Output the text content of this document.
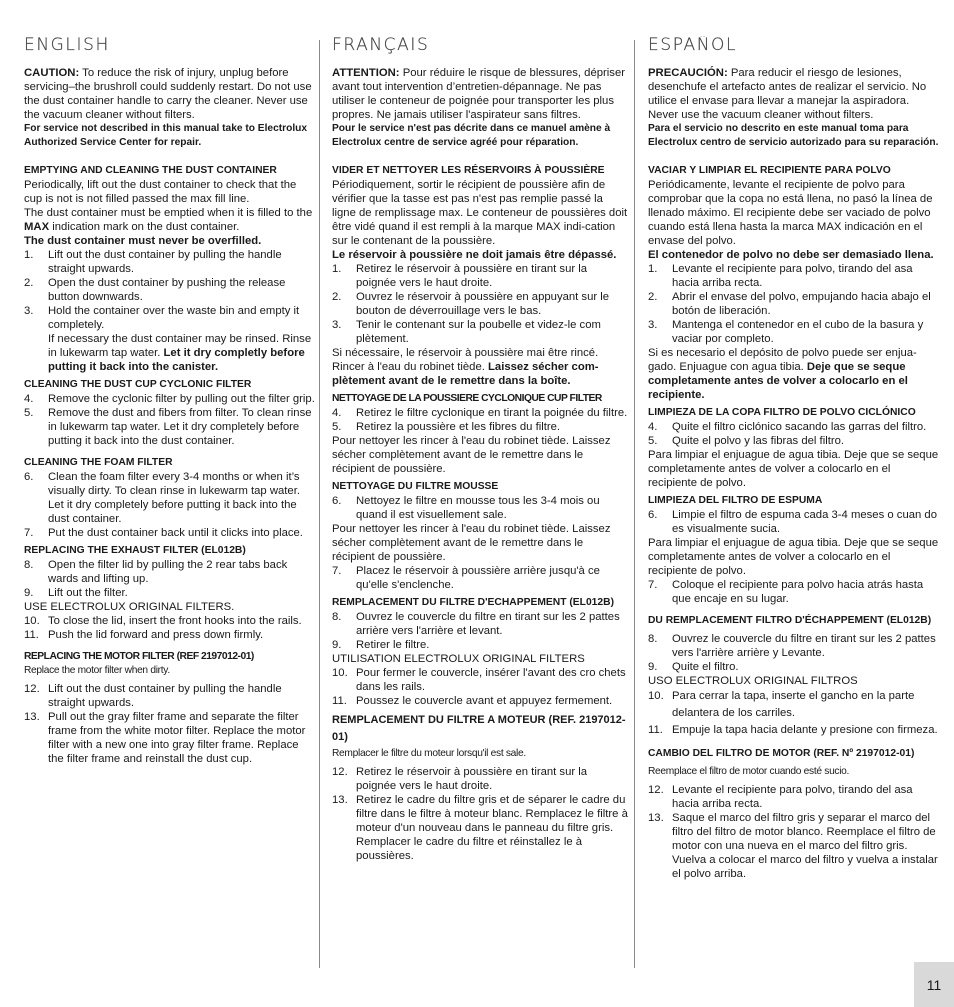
ENGLISH

CAUTION: To reduce the risk of injury, unplug before servicing–the brushroll could suddenly restart. Do not use the dust container handle to carry the cleaner. Never use the vacuum cleaner without filters.

For service not described in this manual take to Electrolux Authorized Service Center for repair.

EMPTYING AND CLEANING THE DUST CONTAINER

Periodically, lift out the dust container to check that the cup is not is not filled passed the max fill line.

The dust container must be emptied when it is filled to the MAX indication mark on the dust container.

The dust container must never be overfilled.

1. Lift out the dust container by pulling the handle straight upwards.
2. Open the dust container by pushing the release button downwards.
3. Hold the container over the waste bin and empty it completely.
If necessary the dust container may be rinsed. Rinse in lukewarm tap water. Let it dry completly before putting it back into the canister.
CLEANING THE DUST CUP CYCLONIC FILTER
4. Remove the cyclonic filter by pulling out the filter grip.
5. Remove the dust and fibers from filter. To clean rinse in lukewarm tap water. Let it dry completely before putting it back into the dust container.
CLEANING THE FOAM FILTER
6. Clean the foam filter every 3-4 months or when it’s visually dirty. To clean rinse in lukewarm tap water. Let it dry completely before putting it back into the dust container.
7. Put the dust container back until it clicks into place.
REPLACING THE EXHAUST FILTER (EL012B)
8. Open the filter lid by pulling the 2 rear tabs back wards and lifting up.
9. Lift out the filter.

USE ELECTROLUX ORIGINAL FILTERS.

10. To close the lid, insert the front hooks into the rails.
11. Push the lid forward and press down firmly.
REPLACING THE MOTOR FILTER (REF 2197012-01)

Replace the motor filter when dirty.

12. Lift out the dust container by pulling the handle straight upwards.
13. Pull out the gray filter frame and separate the filter frame from the white motor filter. Replace the motor filter with a new one into gray filter frame. Replace the filter frame and reinstall the dust cup.
FRANÇAIS

ATTENTION: Pour réduire le risque de blessures, dépriser avant tout intervention d’entretien-dépannage. Ne pas utiliser le conteneur de poignée pour transporter les plus propres. Ne jamais utiliser l'aspirateur sans filtres.

Pour le service n'est pas décrite dans ce manuel amène à Electrolux centre de service agréé pour réparation.

VIDER ET NETTOYER LES RÉSERVOIRS À POUSSIÈRE

Périodiquement, sortir le récipient de poussière afin de vérifier que la tasse est pas n'est pas remplie passé la ligne de remplissage max. Le conteneur de poussières doit être vidé quand il est rempli à la marque MAX indi-cation sur le contenant de la poussière.

Le réservoir à poussière ne doit jamais être dépassé.

1. Retirez le réservoir à poussière en tirant sur la poignée vers le haut droite.
2. Ouvrez le réservoir à poussière en appuyant sur le bouton de déverrouillage vers le bas.
3. Tenir le contenant sur la poubelle et videz-le com plètement.

Si nécessaire, le réservoir à poussière mai être rincé. Rincer à l'eau du robinet tiède. Laissez sécher com-plètement avant de le remettre dans la boîte.

NETTOYAGE DE LA POUSSIERE CYCLONIQUE CUP FILTER
4. Retirez le filtre cyclonique en tirant la poignée du filtre.
5. Retirez la poussière et les fibres du filtre.

Pour nettoyer les rincer à l'eau du robinet tiède. Laissez sécher complètement avant de le remettre dans le récipient de poussière.

NETTOYAGE DU FILTRE MOUSSE
6. Nettoyez le filtre en mousse tous les 3-4 mois ou quand il est visuellement sale.

Pour nettoyer les rincer à l'eau du robinet tiède. Laissez sécher complètement avant de le remettre dans le récipient de poussière.

7. Placez le réservoir à poussière arrière jusqu'à ce qu'elle s'enclenche.
REMPLACEMENT DU FILTRE D'ECHAPPEMENT (EL012B)
8. Ouvrez le couvercle du filtre en tirant sur les 2 pattes arrière vers l'arrière et levant.
9. Retirer le filtre.

UTILISATION ELECTROLUX ORIGINAL FILTERS

10. Pour fermer le couvercle, insérer l'avant des cro chets dans les rails.
11. Poussez le couvercle avant et appuyez fermement.
REMPLACEMENT DU FILTRE A MOTEUR (REF. 2197012-01)

Remplacer le filtre du moteur lorsqu'il est sale.

12. Retirez le réservoir à poussière en tirant sur la poignée vers le haut droite.
13. Retirez le cadre du filtre gris et de séparer le cadre du filtre dans le filtre à moteur blanc. Remplacez le filtre à moteur d'un nouveau dans le panneau du filtre gris. Remplacer le cadre du filtre et réinstallez le à poussières.
ESPAÑOL

PRECAUCIÓN: Para reducir el riesgo de lesiones, desenchufe el artefacto antes de realizar el servicio. No utilice el envase para llevar a manejar la aspiradora. Never use the vacuum cleaner without filters.

Para el servicio no descrito en este manual toma para Electrolux centro de servicio autorizado para su reparación.

VACIAR Y LIMPIAR EL RECIPIENTE PARA POLVO

Periódicamente, levante el recipiente de polvo para comprobar que la copa no está llena, no pasó la línea de llenado máximo. El recipiente debe ser vaciado de polvo cuando está llena hasta la marca MAX indicación en el envase del polvo.

El contenedor de polvo no debe ser demasiado llena.

1. Levante el recipiente para polvo, tirando del asa hacia arriba recta.
2. Abrir el envase del polvo, empujando hacia abajo el botón de liberación.
3. Mantenga el contenedor en el cubo de la basura y vaciar por completo.

Si es necesario el depósito de polvo puede ser enjua-gado. Enjuague con agua tibia. Deje que se seque completamente antes de volver a colocarlo en el recipiente.

LIMPIEZA DE LA COPA FILTRO DE POLVO CICLÓNICO
4. Quite el filtro ciclónico sacando las garras del filtro.
5. Quite el polvo y las fibras del filtro.

Para limpiar el enjuague de agua tibia. Deje que se seque completamente antes de volver a colocarlo en el recipiente de polvo.

LIMPIEZA DEL FILTRO DE ESPUMA
6. Limpie el filtro de espuma cada 3-4 meses o cuan do es visualmente sucia.

Para limpiar el enjuague de agua tibia. Deje que se seque completamente antes de volver a colocarlo en el recipiente de polvo.

7. Coloque el recipiente para polvo hacia atrás hasta que encaje en su lugar.
DU REMPLACEMENT FILTRO D'ÉCHAPPEMENT (EL012B)
8. Ouvrez le couvercle du filtre en tirant sur les 2 pattes vers l'arrière arrière y Levante.
9. Quite el filtro.

USO ELECTROLUX ORIGINAL FILTROS

10. Para cerrar la tapa, inserte el gancho en la parte delantera de los carriles.
11. Empuje la tapa hacia delante y presione con firmeza.
CAMBIO DEL FILTRO DE MOTOR (REF. Nº 2197012-01)

Reemplace el filtro de motor cuando esté sucio.

12. Levante el recipiente para polvo, tirando del asa hacia arriba recta.
13. Saque el marco del filtro gris y separar el marco del filtro del filtro de motor blanco. Reemplace el filtro de motor con una nueva en el marco del filtro gris. Vuelva a colocar el marco del filtro y vuelva a instalar el polvo arriba.
11
